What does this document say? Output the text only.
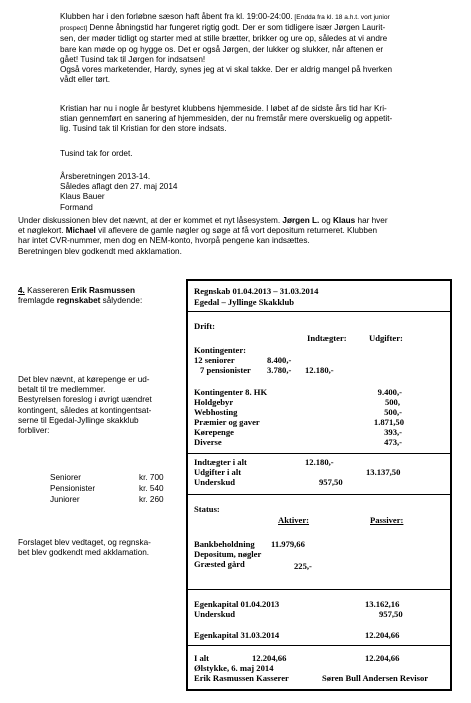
Klubben har i den forløbne sæson haft åbent fra kl. 19:00-24:00. [Endda fra kl. 18 a.h.t. vort junior
prospect] Denne åbningstid har fungeret rigtig godt. Der er som tidligere især Jørgen Laurit-
sen, der møder tidligt og starter med at stille brætter, brikker og ure op, således at vi andre
bare kan møde op og hygge os. Det er også Jørgen, der lukker og slukker, når aftenen er
gået! Tusind tak til Jørgen for indsatsen!
Også vores marketender, Hardy, synes jeg at vi skal takke. Der er aldrig mangel på hverken
vådt eller tørt.

Kristian har nu i nogle år bestyret klubbens hjemmeside. I løbet af de sidste års tid har Kri-
stian gennemført en sanering af hjemmesiden, der nu fremstår mere overskuelig og appetit-
lig. Tusind tak til Kristian for den store indsats.
Tusind tak for ordet.
Årsberetningen 2013-14.
Således aflagt den 27. maj 2014
Klaus Bauer
Formand
Under diskussionen blev det nævnt, at der er kommet et nyt låsesystem. Jørgen L. og Klaus har hver
et nøglekort. Michael vil aflevere de gamle nøgler og søge at få vort depositum returneret. Klubben
har intet CVR-nummer, men dog en NEM-konto, hvorpå pengene kan indsættes.
Beretningen blev godkendt med akklamation.
4. Kassereren Erik Rasmussen
fremlagde regnskabet sålydende:
Det blev nævnt, at kørepenge er ud-
betalt til tre medlemmer.
Bestyrelsen foreslog i øvrigt uændret
kontingent, således at kontingentsat-
serne til Egedal-Jyllinge skakklub
forbliver:
Seniorer	kr. 700
Pensionister	kr. 540
Juniorer	kr. 260
Forslaget blev vedtaget, og regnska-
bet blev godkendt med akklamation.
Regnskab 01.04.2013 – 31.03.2014
Egedal – Jyllinge Skakklub
Drift:
Indtægter:	Udgifter:
Kontingenter:
12 seniorer	8.400,-
7 pensionister 3.780,- 12.180,-
Kontingenter 8. HK	9.400,-
Holdgebyr	500,
Webhosting	500,-
Præmier og gaver	1.871,50
Kørepenge	393,-
Diverse	473,-
Indtægter i alt	12.180,-
Udgifter i alt	13.137,50
Underskud	957,50
Status:
Aktiver:	Passiver:
Bankbeholdning 11.979,66
Depositum, nøgler
Græsted gård	225,-
Egenkapital 01.04.2013	13.162,16
Underskud	957,50
Egenkapital 31.03.2014	12.204,66
I alt	12.204,66	12.204,66
Ølstykke, 6. maj 2014
Erik Rasmussen Kasserer	Søren Bull Andersen Revisor
